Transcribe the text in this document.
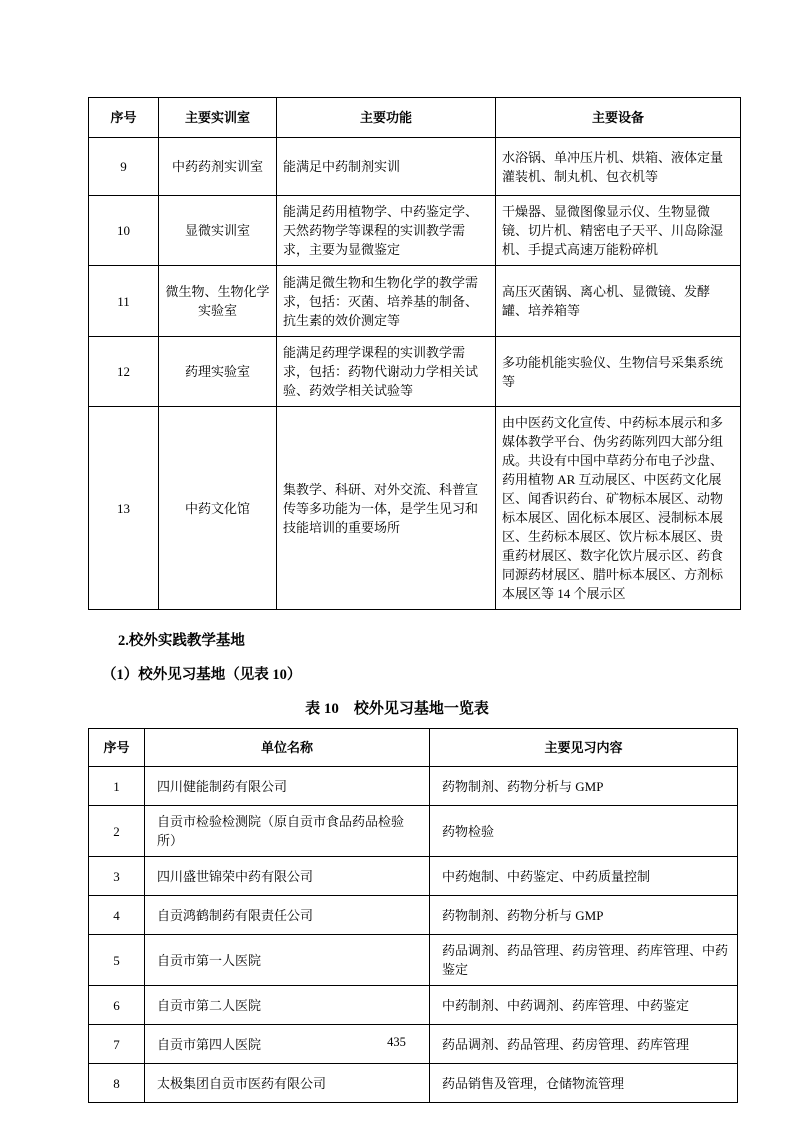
序号	主要实训室	主要功能	主要设备
9	中药药剂实训室	能满足中药制剂实训	水浴锅、单冲压片机、烘箱、液体定量灌装机、制丸机、包衣机等
10	显微实训室	能满足药用植物学、中药鉴定学、天然药物学等课程的实训教学需求，主要为显微鉴定	干燥器、显微图像显示仪、生物显微镜、切片机、精密电子天平、川岛除湿机、手提式高速万能粉碎机
11	微生物、生物化学实验室	能满足微生物和生物化学的教学需求，包括：灭菌、培养基的制备、抗生素的效价测定等	高压灭菌锅、离心机、显微镜、发酵罐、培养箱等
12	药理实验室	能满足药理学课程的实训教学需求，包括：药物代谢动力学相关试验、药效学相关试验等	多功能机能实验仪、生物信号采集系统等
13	中药文化馆	集教学、科研、对外交流、科普宣传等多功能为一体，是学生见习和技能培训的重要场所	由中医药文化宣传、中药标本展示和多媒体教学平台、伪劣药陈列四大部分组成。共设有中国中草药分布电子沙盘、药用植物 AR 互动展区、中医药文化展区、闻香识药台、矿物标本展区、动物标本展区、固化标本展区、浸制标本展区、生药标本展区、饮片标本展区、贵重药材展区、数字化饮片展示区、药食同源药材展区、腊叶标本展区、方剂标本展区等 14 个展示区
2.校外实践教学基地
（1）校外见习基地（见表 10）
表 10　校外见习基地一览表
序号	单位名称	主要见习内容
1	四川健能制药有限公司	药物制剂、药物分析与 GMP
2	自贡市检验检测院（原自贡市食品药品检验所）	药物检验
3	四川盛世锦荣中药有限公司	中药炮制、中药鉴定、中药质量控制
4	自贡鸿鹤制药有限责任公司	药物制剂、药物分析与 GMP
5	自贡市第一人医院	药品调剂、药品管理、药房管理、药库管理、中药鉴定
6	自贡市第二人医院	中药制剂、中药调剂、药库管理、中药鉴定
7	自贡市第四人医院	药品调剂、药品管理、药房管理、药库管理
8	太极集团自贡市医药有限公司	药品销售及管理，仓储物流管理
435
